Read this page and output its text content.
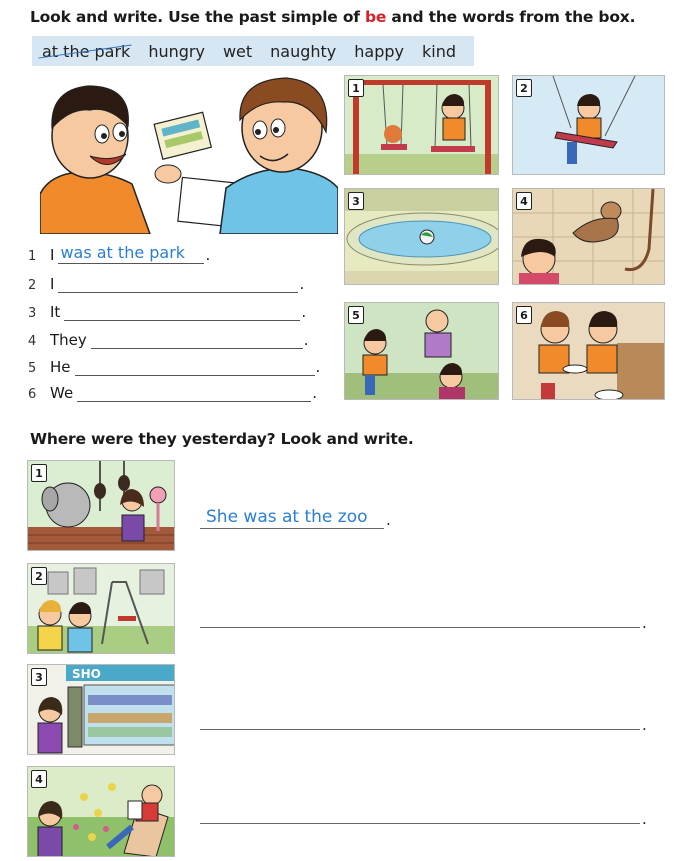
Look and write. Use the past simple of be and the words from the box.
at the park hungry wet naughty happy kind
1 I was at the park .
2 I	.
3 It	.
4 They	.
5 He	.
6 We	.
1	2
3	4
5	6
Where were they yesterday? Look and write.
1
She was at the zoo .
2
.
3	SHO
.
4
.
